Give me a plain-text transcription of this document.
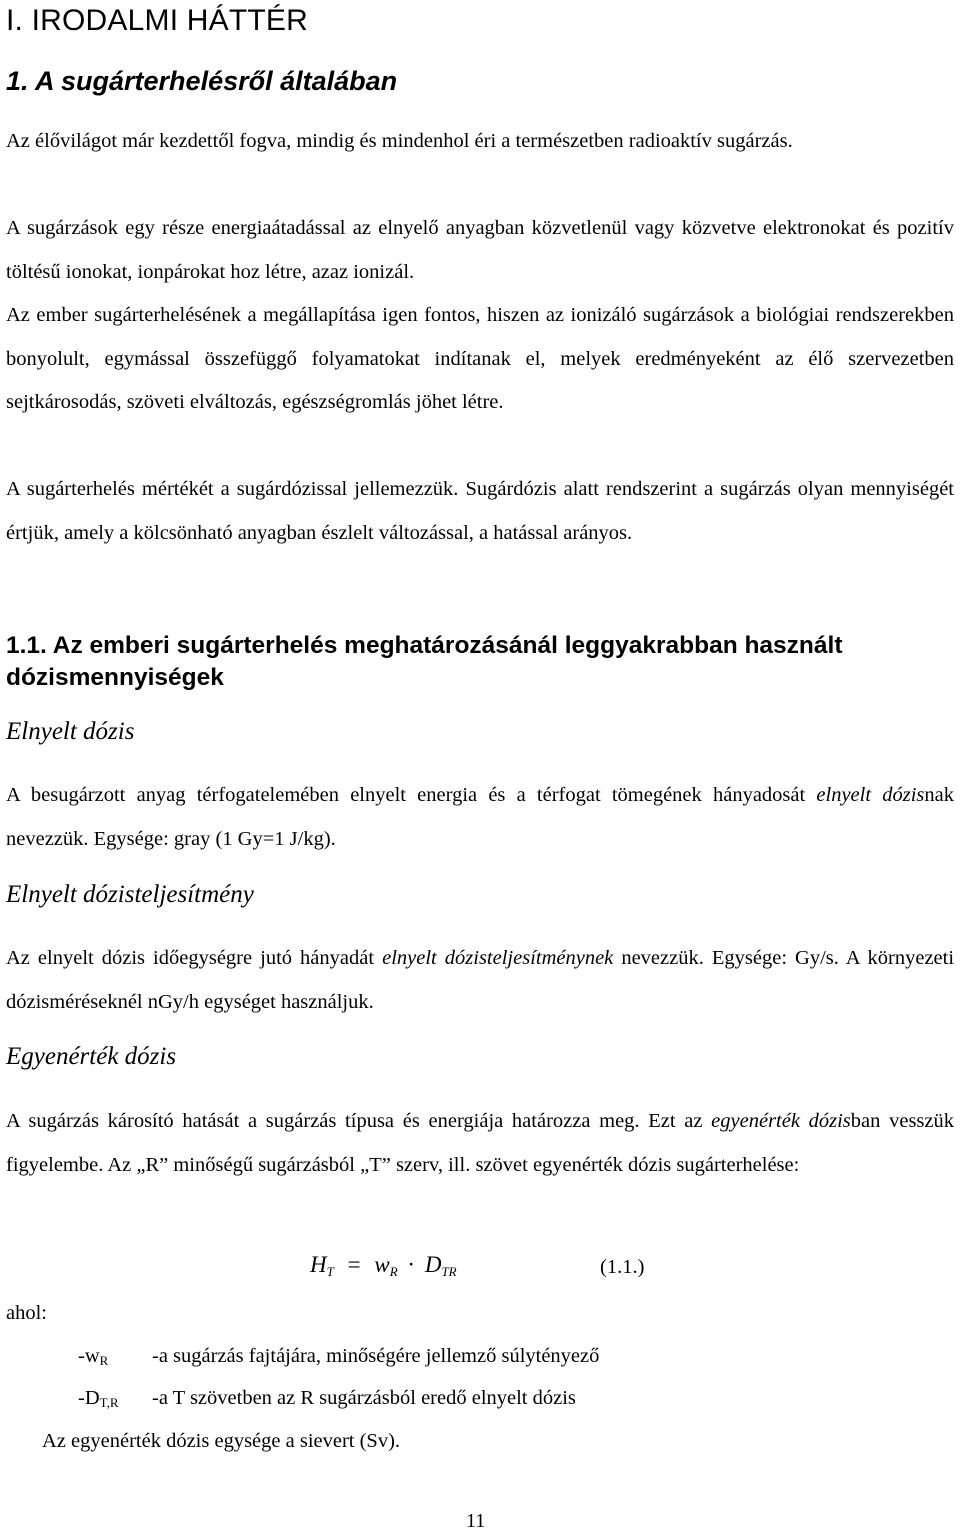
I. IRODALMI HÁTTÉR
1. A sugárterhelésről általában

Az élővilágot már kezdettől fogva, mindig és mindenhol éri a természetben radioaktív sugárzás.

A sugárzások egy része energiaátadással az elnyelő anyagban közvetlenül vagy közvetve elektronokat és pozitív töltésű ionokat, ionpárokat hoz létre, azaz ionizál.

Az ember sugárterhelésének a megállapítása igen fontos, hiszen az ionizáló sugárzások a biológiai rendszerekben bonyolult, egymással összefüggő folyamatokat indítanak el, melyek eredményeként az élő szervezetben sejtkárosodás, szöveti elváltozás, egészségromlás jöhet létre.

A sugárterhelés mértékét a sugárdózissal jellemezzük. Sugárdózis alatt rendszerint a sugárzás olyan mennyiségét értjük, amely a kölcsönható anyagban észlelt változással, a hatással arányos.

1.1. Az emberi sugárterhelés meghatározásánál leggyakrabban használt dózismennyiségek
Elnyelt dózis

A besugárzott anyag térfogatelemében elnyelt energia és a térfogat tömegének hányadosát elnyelt dózisnak nevezzük. Egysége: gray (1 Gy=1 J/kg).

Elnyelt dózisteljesítmény

Az elnyelt dózis időegységre jutó hányadát elnyelt dózisteljesítménynek nevezzük. Egysége: Gy/s. A környezeti dózisméréseknél nGy/h egységet használjuk.

Egyenérték dózis

A sugárzás károsító hatását a sugárzás típusa és energiája határozza meg. Ezt az egyenérték dózisban vesszük figyelembe. Az „R” minőségű sugárzásból „T” szerv, ill. szövet egyenérték dózis sugárterhelése:

$H_T = w_R \cdot D_{TR}$	(1.1.)
ahol:
$-w_R$ -a sugárzás fajtájára, minőségére jellemző súlytényező
$-D_{T,R}$ -a T szövetben az R sugárzásból eredő elnyelt dózis
Az egyenérték dózis egysége a sievert (Sv).
11
